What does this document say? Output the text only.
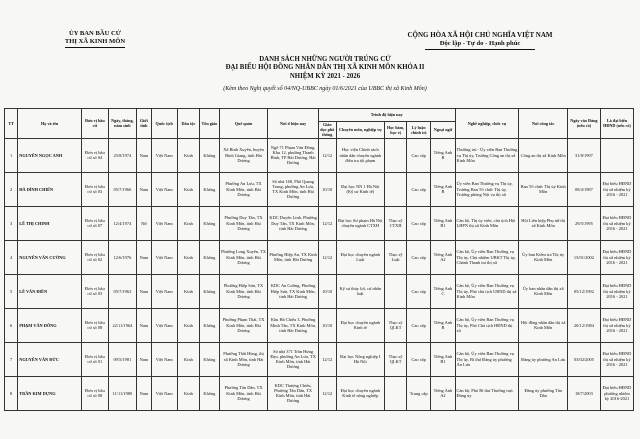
ỦY BAN BẦU CỬ
THỊ XÃ KINH MÔN
CỘNG HÒA XÃ HỘI CHỦ NGHĨA VIỆT NAM
Độc lập - Tự do - Hạnh phúc
DANH SÁCH NHỮNG NGƯỜI TRÚNG CỬ
ĐẠI BIỂU HỘI ĐỒNG NHÂN DÂN THỊ XÃ KINH MÔN KHÓA II
NHIỆM KỲ 2021 - 2026
(Kèm theo Nghị quyết số 04/NQ-UBBC ngày 01/6/2021 của UBBC thị xã Kinh Môn)
TT	Họ và tên	Đơn vị bầu cử	Ngày, tháng, năm sinh	Giới tính	Quốc tịch	Dân tộc	Tôn giáo	Quê quán	Nơi ở hiện nay	Trình độ hiện nay					Nghề nghiệp, chức vụ	Nơi công tác	Ngày vào Đảng (nếu có)	Là đại biểu HĐND (nếu có)
										Giáo dục phổ thông	Chuyên môn, nghiệp vụ	Học hàm, học vị	Lý luận chính trị	Ngoại ngữ				
1	NGUYỄN NGỌC ANH	Đơn vị bầu cử số 04	25/8/1974	Nam	Việt Nam	Kinh	Không	Xã Bình Xuyên, huyện Bình Giang, tỉnh Hải Dương	Ngõ 71 Phạm Văn Đồng, Khu 12, phường Thanh Bình, TP Hải Dương, Hải Dương	12/12	Học viện Chính sách nhân dân chuyên ngành điều tra tội phạm		Cao cấp	Tiếng Anh B	Thường trú - Ủy viên Ban Thường vụ Thị ủy, Trưởng Công an thị xã Kinh Môn	Công an thị xã Kinh Môn	31/8/1997	
2	HÀ ĐÌNH CHIẾN	Đơn vị bầu cử số 03	05/7/1966	Nam	Việt Nam	Kinh	Không	Phường An Lưu, TX Kinh Môn, tỉnh Hải Dương	Số nhà 168, Phố Quang Trung, phường An Lưu, TX Kinh Môn, tỉnh Hải Dương	10/10	Đại học NN 1 Hà Nội (Kỹ sư Kinh tế)		Cao cấp	Tiếng Anh B	Ủy viên Ban Thường vụ Thị ủy, Trưởng Ban Tổ chức Thị ủy, Trưởng phòng Nội vụ thị xã	Ban Tổ chức Thị ủy Kinh Môn	08/4/1987	Đại biểu HĐND thị xã nhiệm kỳ 2016 - 2021
3	LÊ THỊ CHINH	Đơn vị bầu cử số 07	12/4/1974	Nữ	Việt Nam	Kinh	Không	Phường Duy Tân, TX Kinh Môn, tỉnh Hải Dương	KDC Duyên Linh, Phường Duy Tân, TX Kinh Môn, tỉnh Hải Dương	12/12	Đại học Sư phạm Hà Nội chuyên ngành CTXH	Thạc sỹ CTXH	Cao cấp	Tiếng Anh B1	Cán bộ, Thị ủy viên, chủ tịch Hội LHPN thị xã Kinh Môn	Hội Liên hiệp Phụ nữ thị xã Kinh Môn	29/5/1995	Đại biểu HĐND thị xã nhiệm kỳ 2016 - 2021
4	NGUYỄN VĂN CƯỜNG	Đơn vị bầu cử số 02	12/6/1976	Nam	Việt Nam	Kinh	Không	Phường Long Xuyên, TX Kinh Môn, tỉnh Hải Dương	Phường Hiệp An, TX Kinh Môn, tỉnh Hải Dương	12/12	Đại học chuyên ngành Luật	Thạc sỹ Luật	Cao cấp	Tiếng Anh A2	Cán bộ, Ủy viên Ban Thường vụ Thị ủy, Chủ nhiệm UBKT Thị ủy, Chánh Thanh tra thị xã	Ủy ban Kiểm tra Thị ủy Kinh Môn	15/01/2002	Đại biểu HĐND thị xã nhiệm kỳ 2016 - 2021
5	LÊ VĂN ĐIỀN	Đơn vị bầu cử số 03	05/7/1963	Nam	Việt Nam	Kinh	Không	Phường Hiệp Sơn, TX Kinh Môn, tỉnh Hải Dương	KDC An Cường, Phường Hiệp Sơn, TX Kinh Môn, tỉnh Hải Dương	10/10	Kỹ sư thủy lợi, cử nhân luật		Cao cấp	Tiếng Anh C	Cán bộ, Ủy viên Ban Thường vụ Thị ủy, Phó chủ tịch UBND thị xã Kinh Môn	Ủy ban nhân dân thị xã Kinh Môn	05/12/1992	Đại biểu HĐND thị xã nhiệm kỳ 2016 - 2021
6	PHẠM VĂN ĐÔNG	Đơn vị bầu cử số 08	22/11/1964	Nam	Việt Nam	Kinh	Không	Phường Phạm Thái, TX Kinh Môn, tỉnh Hải Dương	Khu Hà Chiểu 3, Phường Minh Tân, TX Kinh Môn, tỉnh Hải Dương	10/10	Đại học chuyên ngành Kinh tế	Thạc sỹ QLKT	Cao cấp	Tiếng Anh B	Cán bộ, Ủy viên Ban Thường vụ Thị ủy, Phó Chủ tịch HĐND thị xã	Hội đồng nhân dân thị xã Kinh Môn	20/12/1984	Đại biểu HĐND thị xã nhiệm kỳ 2016 - 2021
7	NGUYỄN VĂN ĐỨC	Đơn vị bầu cử số 01	09/5/1981	Nam	Việt Nam	Kinh	Không	Phường Thất Hùng, thị xã Kinh Môn, tỉnh Hải Dương	Số nhà 371 Trần Hưng Đạo, phường An Lưu, TX Kinh Môn, tỉnh Hải Dương	12/12	Đại học Nông nghiệp I Hà Nội	Thạc sỹ QLKT	Cao cấp	Tiếng Anh B1	Cán bộ, Ủy viên Ban Thường vụ Thị ủy, Bí thư Đảng ủy phường An Lưu	Đảng ủy phường An Lưu	03/02/2005	Đại biểu HĐND thị xã nhiệm kỳ 2016 - 2021
8	TRẦN KIM DỰNG	Đơn vị bầu cử số 08	11/11/1980	Nam	Việt Nam	Kinh	Không	Phường Tân Dân, TX Kinh Môn, tỉnh Hải Dương	KDC Thượng Chiểu, Phường Tân Dân, TX Kinh Môn, tỉnh Hải Dương	12/12	Đại học chuyên ngành Kinh tế nông nghiệp		Trung cấp	Tiếng Anh A2	Cán bộ, Phó Bí thư Thường trực Đảng ủy	Đảng ủy phường Tân Dân	18/7/2003	Đại biểu HĐND phường nhiệm kỳ 2016-2021
